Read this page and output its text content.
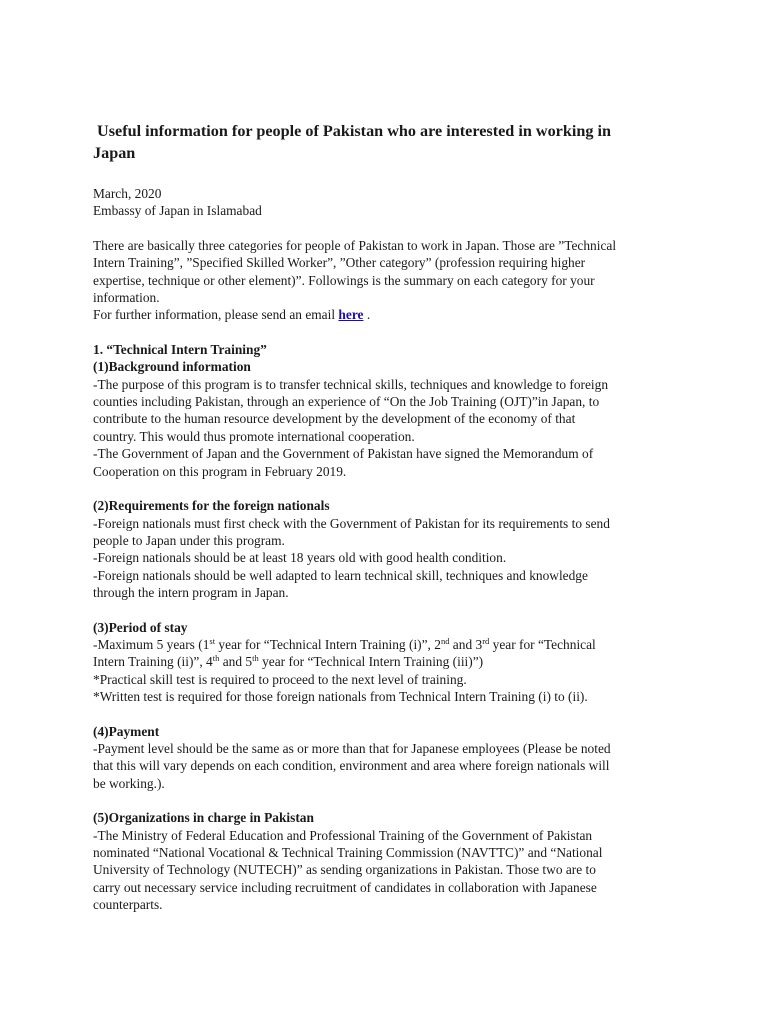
Useful information for people of Pakistan who are interested in working in
Japan
March, 2020
Embassy of Japan in Islamabad
There are basically three categories for people of Pakistan to work in Japan. Those are ”Technical
Intern Training”, ”Specified Skilled Worker”, ”Other category” (profession requiring higher
expertise, technique or other element)”. Followings is the summary on each category for your
information.
For further information, please send an email here .
1. “Technical Intern Training”
(1)Background information
-The purpose of this program is to transfer technical skills, techniques and knowledge to foreign
counties including Pakistan, through an experience of “On the Job Training (OJT)”in Japan, to
contribute to the human resource development by the development of the economy of that
country. This would thus promote international cooperation.
-The Government of Japan and the Government of Pakistan have signed the Memorandum of
Cooperation on this program in February 2019.
(2)Requirements for the foreign nationals
-Foreign nationals must first check with the Government of Pakistan for its requirements to send
people to Japan under this program.
-Foreign nationals should be at least 18 years old with good health condition.
-Foreign nationals should be well adapted to learn technical skill, techniques and knowledge
through the intern program in Japan.
(3)Period of stay
-Maximum 5 years (1st year for “Technical Intern Training (i)”, 2nd and 3rd year for “Technical
Intern Training (ii)”, 4th and 5th year for “Technical Intern Training (iii)”)
*Practical skill test is required to proceed to the next level of training.
*Written test is required for those foreign nationals from Technical Intern Training (i) to (ii).
(4)Payment
-Payment level should be the same as or more than that for Japanese employees (Please be noted
that this will vary depends on each condition, environment and area where foreign nationals will
be working.).
(5)Organizations in charge in Pakistan
-The Ministry of Federal Education and Professional Training of the Government of Pakistan
nominated “National Vocational & Technical Training Commission (NAVTTC)” and “National
University of Technology (NUTECH)” as sending organizations in Pakistan. Those two are to
carry out necessary service including recruitment of candidates in collaboration with Japanese
counterparts.
